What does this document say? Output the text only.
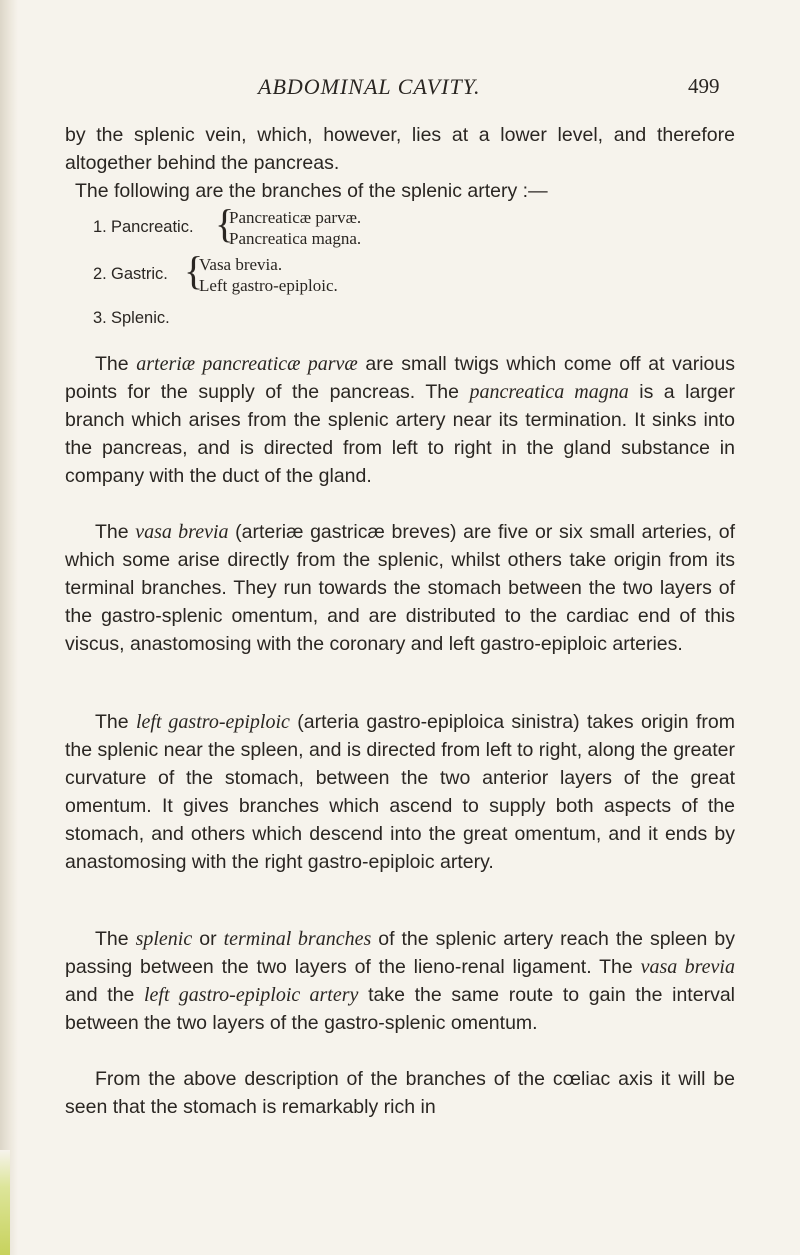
ABDOMINAL CAVITY.	499

by the splenic vein, which, however, lies at a lower level, and therefore altogether behind the pancreas.

The following are the branches of the splenic artery :—

1. Pancreatic. {
Pancreaticæ parvæ.
Pancreatica magna.
2. Gastric. {
Vasa brevia.
Left gastro-epiploic.
3. Splenic.

The arteriæ pancreaticæ parvæ are small twigs which come off at various points for the supply of the pancreas. The pancreatica magna is a larger branch which arises from the splenic artery near its termination. It sinks into the pancreas, and is directed from left to right in the gland substance in company with the duct of the gland.

The vasa brevia (arteriæ gastricæ breves) are five or six small arteries, of which some arise directly from the splenic, whilst others take origin from its terminal branches. They run towards the stomach between the two layers of the gastro-splenic omentum, and are distributed to the cardiac end of this viscus, anastomosing with the coronary and left gastro-epiploic arteries.

The left gastro-epiploic (arteria gastro-epiploica sinistra) takes origin from the splenic near the spleen, and is directed from left to right, along the greater curvature of the stomach, between the two anterior layers of the great omentum. It gives branches which ascend to supply both aspects of the stomach, and others which descend into the great omentum, and it ends by anastomosing with the right gastro-epiploic artery.

The splenic or terminal branches of the splenic artery reach the spleen by passing between the two layers of the lieno-renal ligament. The vasa brevia and the left gastro-epiploic artery take the same route to gain the interval between the two layers of the gastro-splenic omentum.

From the above description of the branches of the cœliac axis it will be seen that the stomach is remarkably rich in
